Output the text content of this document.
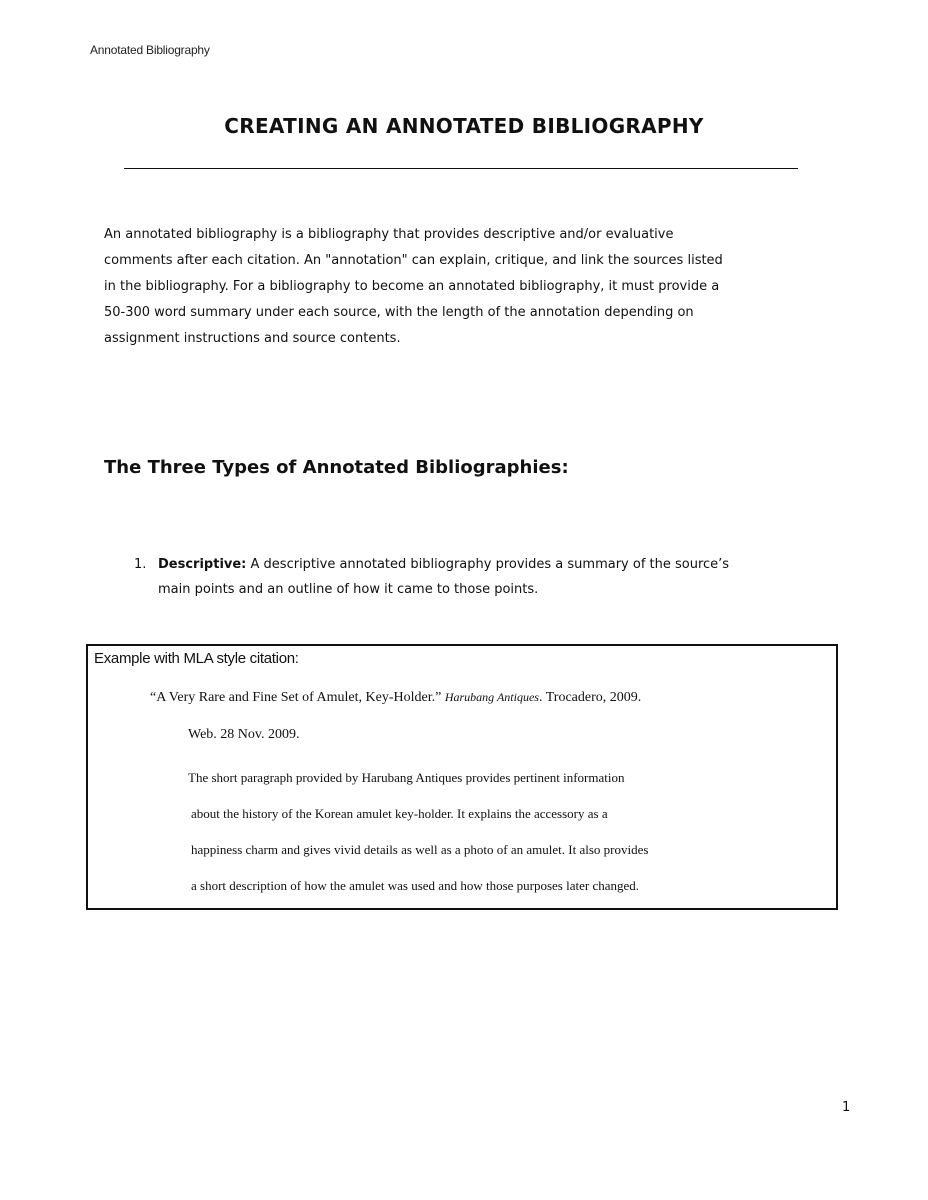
Annotated Bibliography
CREATING AN ANNOTATED BIBLIOGRAPHY
An annotated bibliography is a bibliography that provides descriptive and/or evaluative
comments after each citation. An "annotation" can explain, critique, and link the sources listed
in the bibliography. For a bibliography to become an annotated bibliography, it must provide a
50-300 word summary under each source, with the length of the annotation depending on
assignment instructions and source contents.
The Three Types of Annotated Bibliographies:
1. Descriptive: A descriptive annotated bibliography provides a summary of the source’s
main points and an outline of how it came to those points.
Example with MLA style citation:
“A Very Rare and Fine Set of Amulet, Key-Holder.” Harubang Antiques. Trocadero, 2009.
Web. 28 Nov. 2009.
The short paragraph provided by Harubang Antiques provides pertinent information
about the history of the Korean amulet key-holder. It explains the accessory as a
happiness charm and gives vivid details as well as a photo of an amulet. It also provides
a short description of how the amulet was used and how those purposes later changed.
1
